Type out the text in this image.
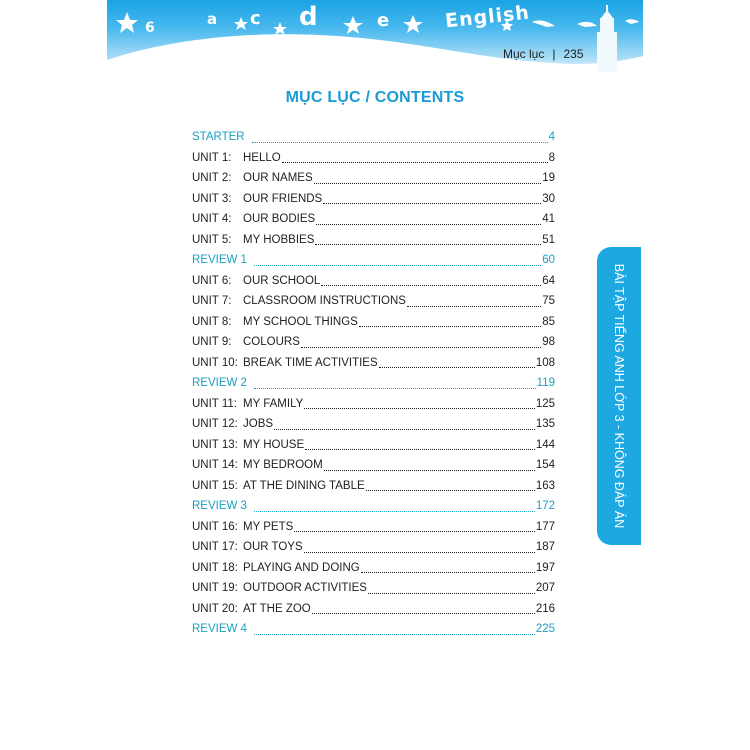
6	a c d	e	English
Mục lục | 235
MỤC LỤC / CONTENTS
STARTER	4
UNIT 1:	HELLO	8
UNIT 2:	OUR NAMES	19
UNIT 3:	OUR FRIENDS	30
UNIT 4:	OUR BODIES	41
UNIT 5:	MY HOBBIES	51
REVIEW 1	60
UNIT 6:	OUR SCHOOL	64
UNIT 7:	CLASSROOM INSTRUCTIONS	75
UNIT 8:	MY SCHOOL THINGS	85
UNIT 9:	COLOURS	98
UNIT 10: BREAK TIME ACTIVITIES	108
REVIEW 2	119
UNIT 11: MY FAMILY	125
UNIT 12: JOBS	135
UNIT 13: MY HOUSE	144
UNIT 14: MY BEDROOM	154
UNIT 15: AT THE DINING TABLE	163
REVIEW 3	172
UNIT 16: MY PETS	177
UNIT 17: OUR TOYS	187
UNIT 18: PLAYING AND DOING	197
UNIT 19: OUTDOOR ACTIVITIES	207
UNIT 20: AT THE ZOO	216
REVIEW 4	225
BÀI TẬP TIẾNG ANH LỚP 3 - KHÔNG ĐÁP ÁN
